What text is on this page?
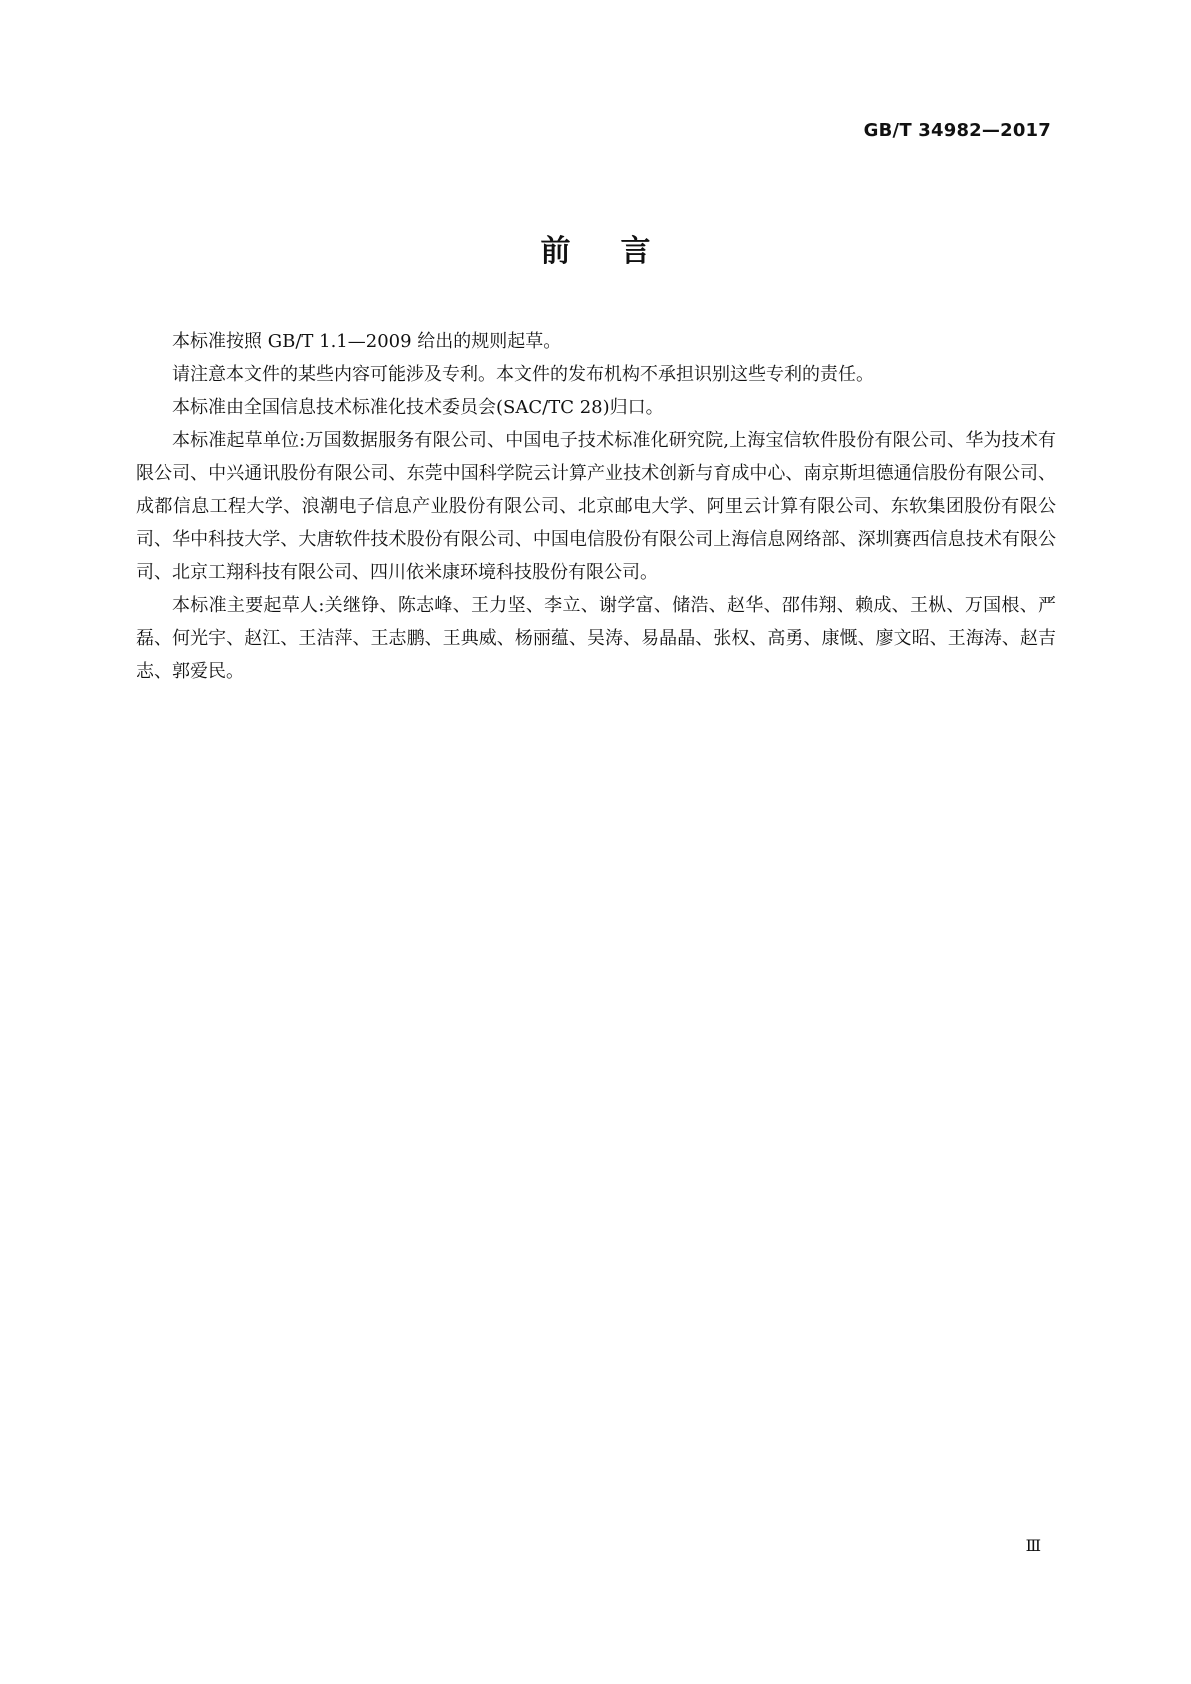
GB/T 34982—2017
前言

本标准按照 GB/T 1.1—2009 给出的规则起草。

请注意本文件的某些内容可能涉及专利。本文件的发布机构不承担识别这些专利的责任。

本标准由全国信息技术标准化技术委员会(SAC/TC 28)归口。

本标准起草单位:万国数据服务有限公司、中国电子技术标准化研究院,上海宝信软件股份有限公司、华为技术有限公司、中兴通讯股份有限公司、东莞中国科学院云计算产业技术创新与育成中心、南京斯坦德通信股份有限公司、成都信息工程大学、浪潮电子信息产业股份有限公司、北京邮电大学、阿里云计算有限公司、东软集团股份有限公司、华中科技大学、大唐软件技术股份有限公司、中国电信股份有限公司上海信息网络部、深圳赛西信息技术有限公司、北京工翔科技有限公司、四川依米康环境科技股份有限公司。

本标准主要起草人:关继铮、陈志峰、王力坚、李立、谢学富、储浩、赵华、邵伟翔、赖成、王枞、万国根、严磊、何光宇、赵江、王洁萍、王志鹏、王典威、杨丽蕴、吴涛、易晶晶、张权、高勇、康慨、廖文昭、王海涛、赵吉志、郭爱民。

Ⅲ
